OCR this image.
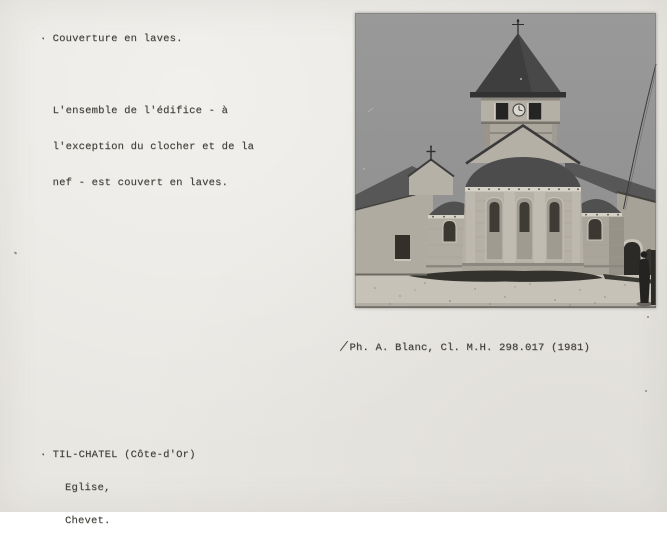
· Couverture en laves.

L'ensemble de l'édifice - à

l'exception du clocher et de la

nef - est couvert en laves.

/Ph. A. Blanc, Cl. M.H. 298.017 (1981)

· TIL-CHATEL (Côte-d'Or)

Eglise,

Chevet.
